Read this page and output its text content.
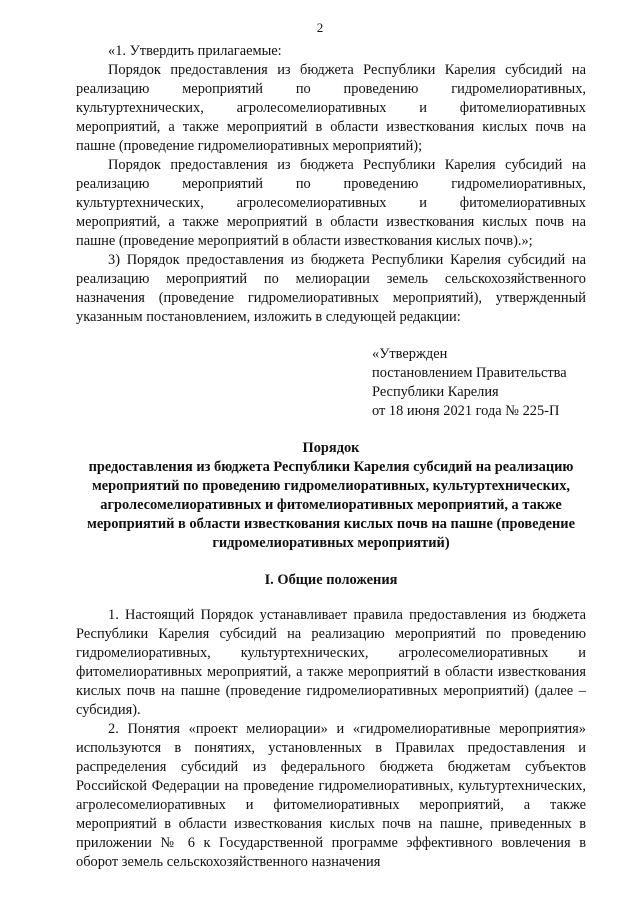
2

«1. Утвердить прилагаемые:

Порядок предоставления из бюджета Республики Карелия субсидий на реализацию мероприятий по проведению гидромелиоративных, культуртехнических, агролесомелиоративных и фитомелиоративных мероприятий, а также мероприятий в области известкования кислых почв на пашне (проведение гидромелиоративных мероприятий);

Порядок предоставления из бюджета Республики Карелия субсидий на реализацию мероприятий по проведению гидромелиоративных, культуртехнических, агролесомелиоративных и фитомелиоративных мероприятий, а также мероприятий в области известкования кислых почв на пашне (проведение мероприятий в области известкования кислых почв).»;

3) Порядок предоставления из бюджета Республики Карелия субсидий на реализацию мероприятий по мелиорации земель сельскохозяйственного назначения (проведение гидромелиоративных мероприятий), утвержденный указанным постановлением, изложить в следующей редакции:

«Утвержден
постановлением Правительства
Республики Карелия
от 18 июня 2021 года № 225-П
Порядок
предоставления из бюджета Республики Карелия субсидий на реализацию мероприятий по проведению гидромелиоративных, культуртехнических, агролесомелиоративных и фитомелиоративных мероприятий, а также мероприятий в области известкования кислых почв на пашне (проведение гидромелиоративных мероприятий)
I. Общие положения

1. Настоящий Порядок устанавливает правила предоставления из бюджета Республики Карелия субсидий на реализацию мероприятий по проведению гидромелиоративных, культуртехнических, агролесомелиоративных и фитомелиоративных мероприятий, а также мероприятий в области известкования кислых почв на пашне (проведение гидромелиоративных мероприятий) (далее – субсидия).

2. Понятия «проект мелиорации» и «гидромелиоративные мероприятия» используются в понятиях, установленных в Правилах предоставления и распределения субсидий из федерального бюджета бюджетам субъектов Российской Федерации на проведение гидромелиоративных, культуртехнических, агролесомелиоративных и фитомелиоративных мероприятий, а также мероприятий в области известкования кислых почв на пашне, приведенных в приложении № 6 к Государственной программе эффективного вовлечения в оборот земель сельскохозяйственного назначения
